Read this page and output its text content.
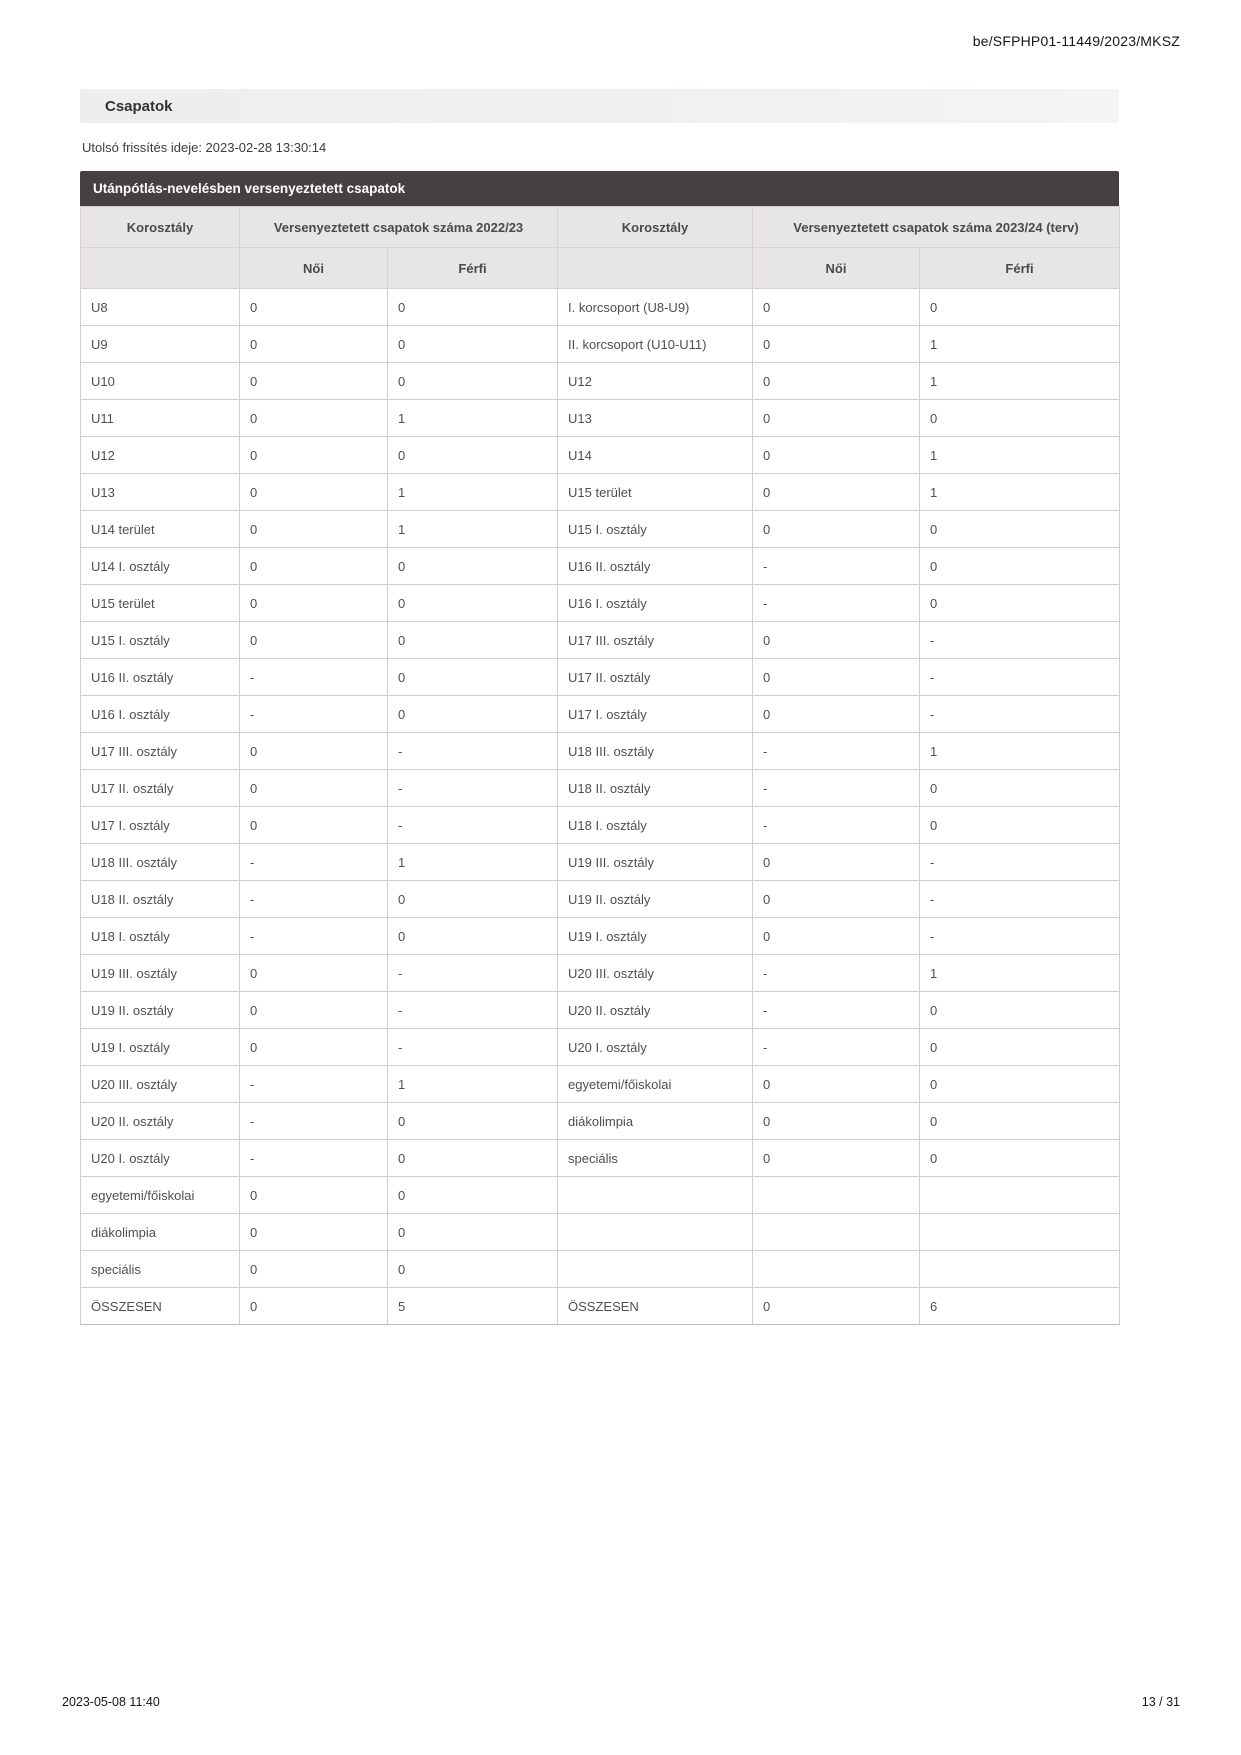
be/SFPHP01-11449/2023/MKSZ
Csapatok
Utolsó frissítés ideje: 2023-02-28 13:30:14
Utánpótlás-nevelésben versenyeztetett csapatok
Korosztály	Versenyeztetett csapatok száma 2022/23		Korosztály	Versenyeztetett csapatok száma 2023/24 (terv)	
	Női	Férfi		Női	Férfi
U8	0	0	I. korcsoport (U8-U9)	0	0
U9	0	0	II. korcsoport (U10-U11)	0	1
U10	0	0	U12	0	1
U11	0	1	U13	0	0
U12	0	0	U14	0	1
U13	0	1	U15 terület	0	1
U14 terület	0	1	U15 I. osztály	0	0
U14 I. osztály	0	0	U16 II. osztály	-	0
U15 terület	0	0	U16 I. osztály	-	0
U15 I. osztály	0	0	U17 III. osztály	0	-
U16 II. osztály	-	0	U17 II. osztály	0	-
U16 I. osztály	-	0	U17 I. osztály	0	-
U17 III. osztály	0	-	U18 III. osztály	-	1
U17 II. osztály	0	-	U18 II. osztály	-	0
U17 I. osztály	0	-	U18 I. osztály	-	0
U18 III. osztály	-	1	U19 III. osztály	0	-
U18 II. osztály	-	0	U19 II. osztály	0	-
U18 I. osztály	-	0	U19 I. osztály	0	-
U19 III. osztály	0	-	U20 III. osztály	-	1
U19 II. osztály	0	-	U20 II. osztály	-	0
U19 I. osztály	0	-	U20 I. osztály	-	0
U20 III. osztály	-	1	egyetemi/főiskolai	0	0
U20 II. osztály	-	0	diákolimpia	0	0
U20 I. osztály	-	0	speciális	0	0
egyetemi/főiskolai	0	0			
diákolimpia	0	0			
speciális	0	0			
ÖSSZESEN	0	5	ÖSSZESEN	0	6
2023-05-08 11:40	13 / 31
